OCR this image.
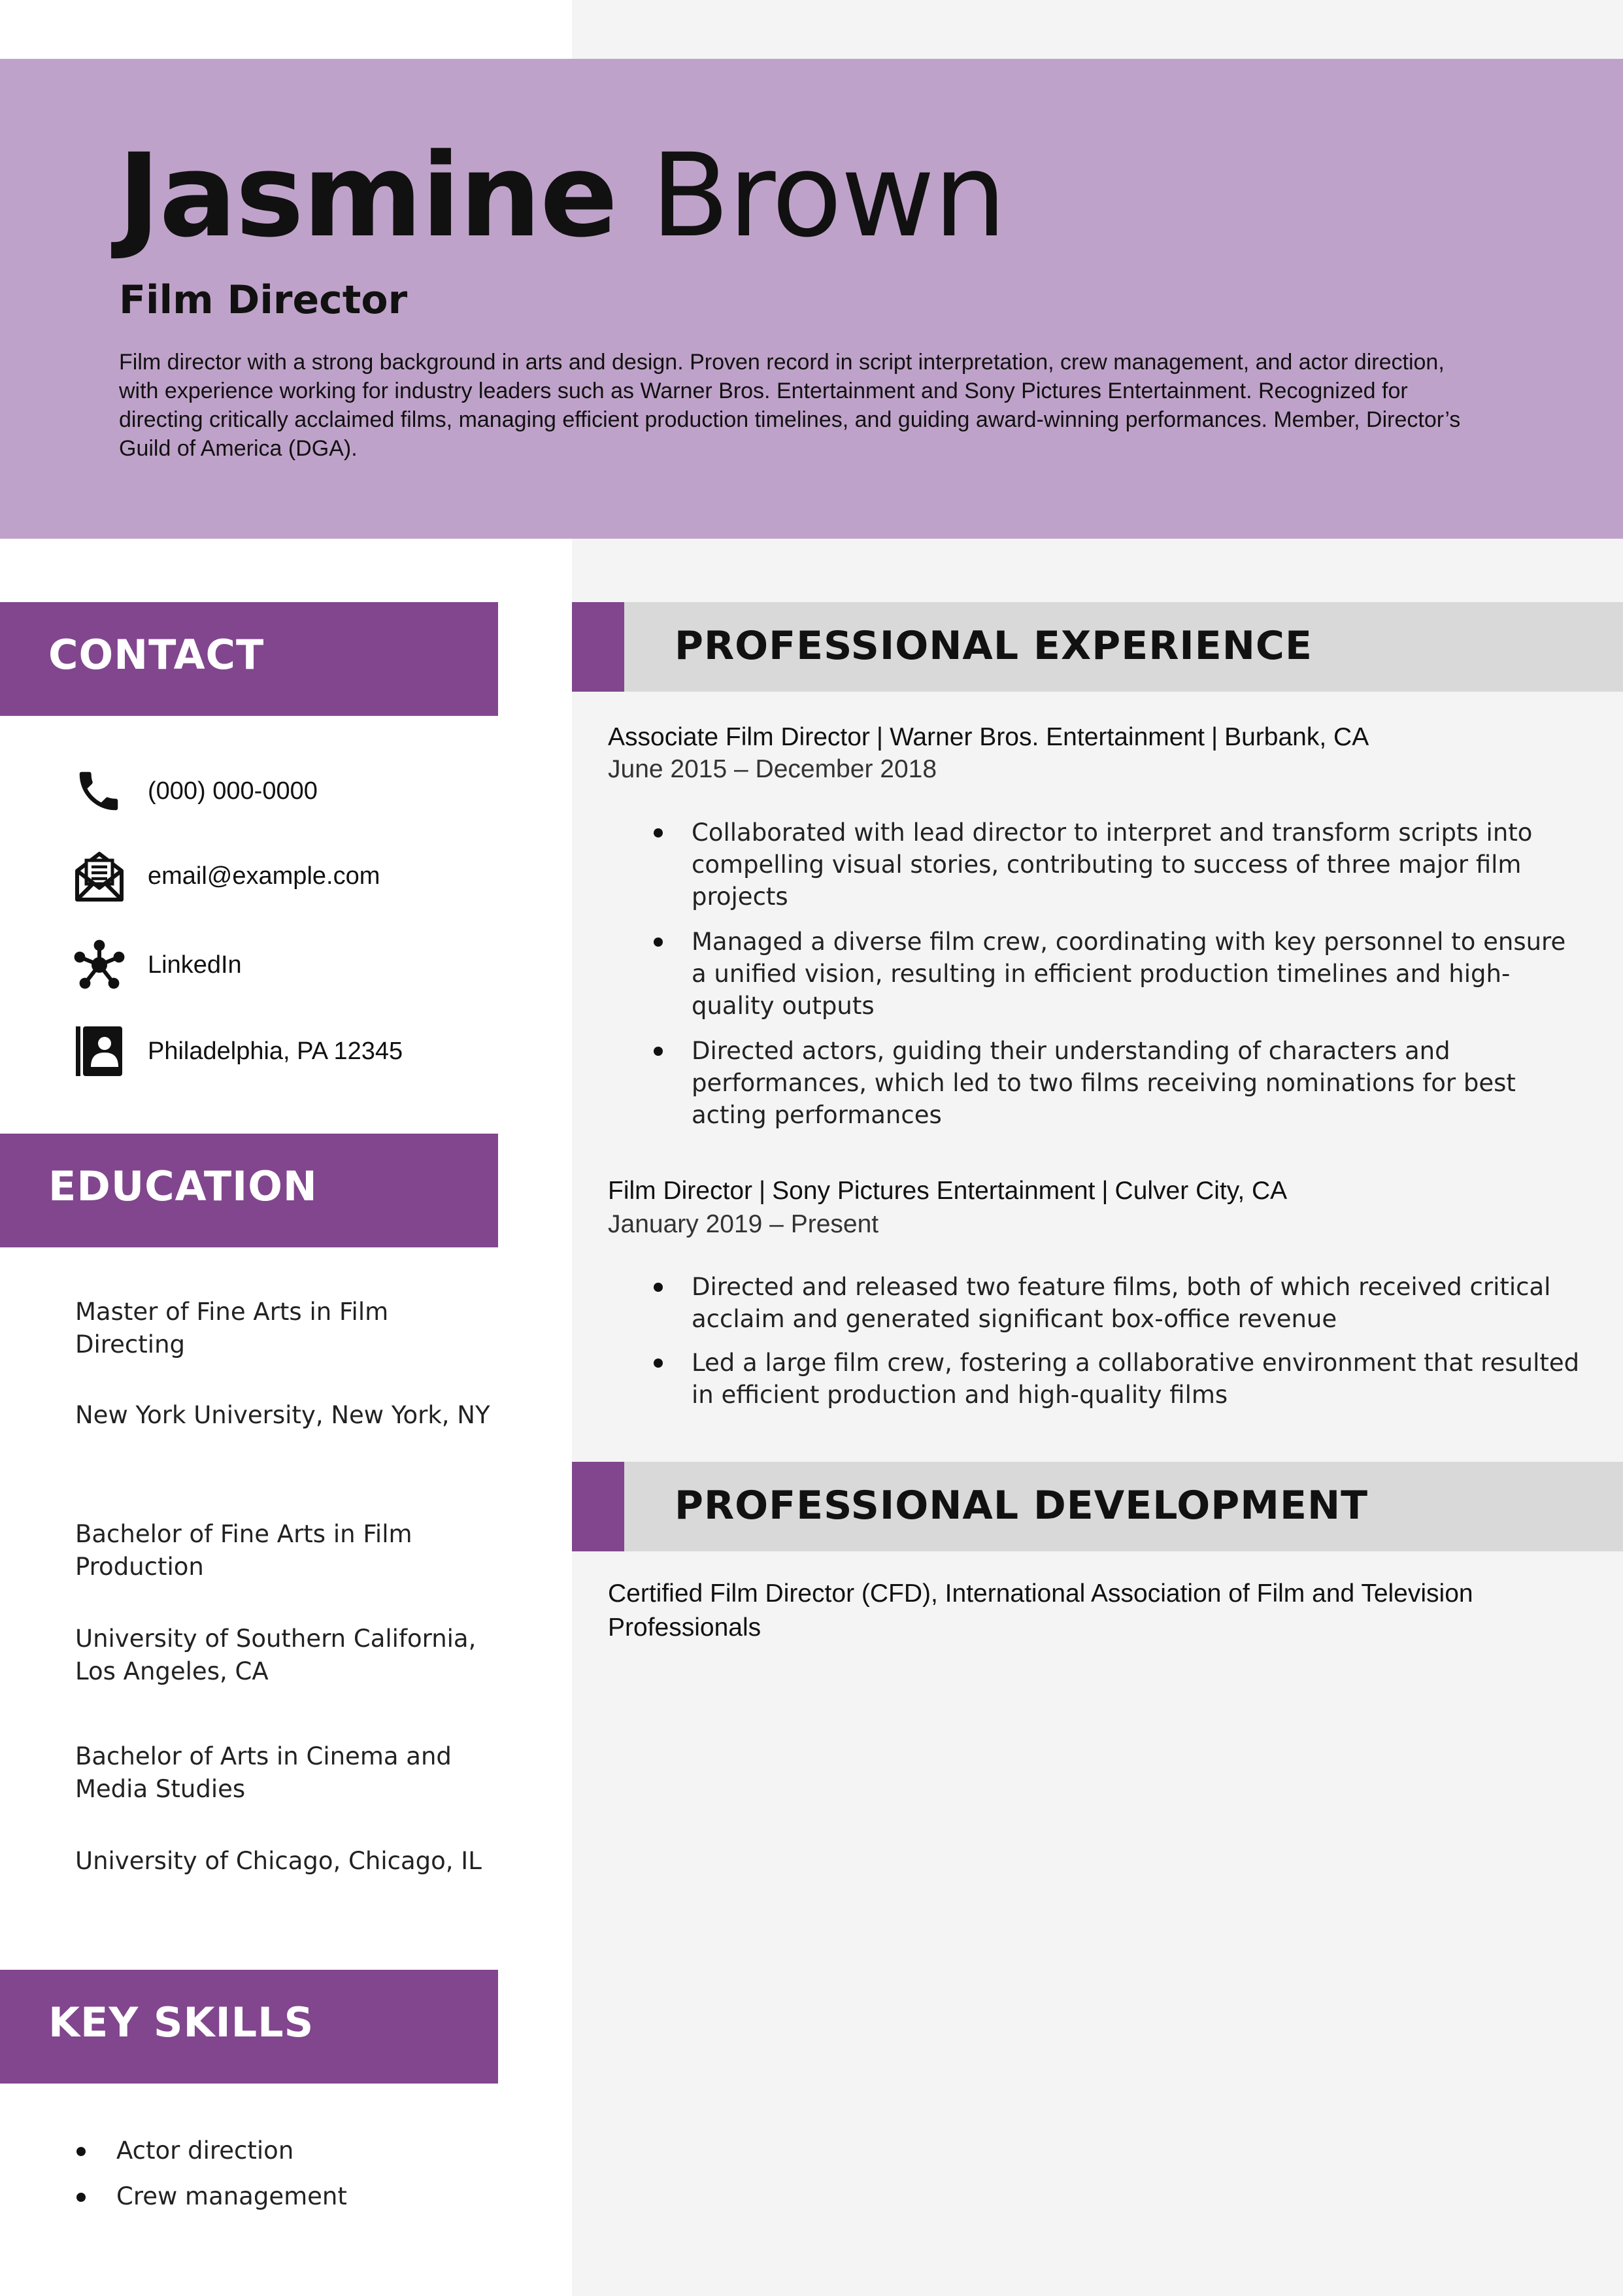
Jasmine Brown
Film Director
Film director with a strong background in arts and design. Proven record in script interpretation, crew management, and actor direction, with experience working for industry leaders such as Warner Bros. Entertainment and Sony Pictures Entertainment. Recognized for directing critically acclaimed films, managing efficient production timelines, and guiding award-winning performances. Member, Director’s Guild of America (DGA).
CONTACT
(000) 000-0000
email@example.com
LinkedIn
Philadelphia, PA 12345
EDUCATION
Master of Fine Arts in Film Directing
New York University, New York, NY
Bachelor of Fine Arts in Film Production
University of Southern California, Los Angeles, CA
Bachelor of Arts in Cinema and Media Studies
University of Chicago, Chicago, IL
KEY SKILLS
Actor direction
Crew management
PROFESSIONAL EXPERIENCE
Associate Film Director | Warner Bros. Entertainment | Burbank, CA
June 2015 – December 2018
Collaborated with lead director to interpret and transform scripts into compelling visual stories, contributing to success of three major film projects
Managed a diverse film crew, coordinating with key personnel to ensure a unified vision, resulting in efficient production timelines and high-quality outputs
Directed actors, guiding their understanding of characters and performances, which led to two films receiving nominations for best acting performances
Film Director | Sony Pictures Entertainment | Culver City, CA
January 2019 – Present
Directed and released two feature films, both of which received critical acclaim and generated significant box-office revenue
Led a large film crew, fostering a collaborative environment that resulted in efficient production and high-quality films
PROFESSIONAL DEVELOPMENT
Certified Film Director (CFD), International Association of Film and Television Professionals
